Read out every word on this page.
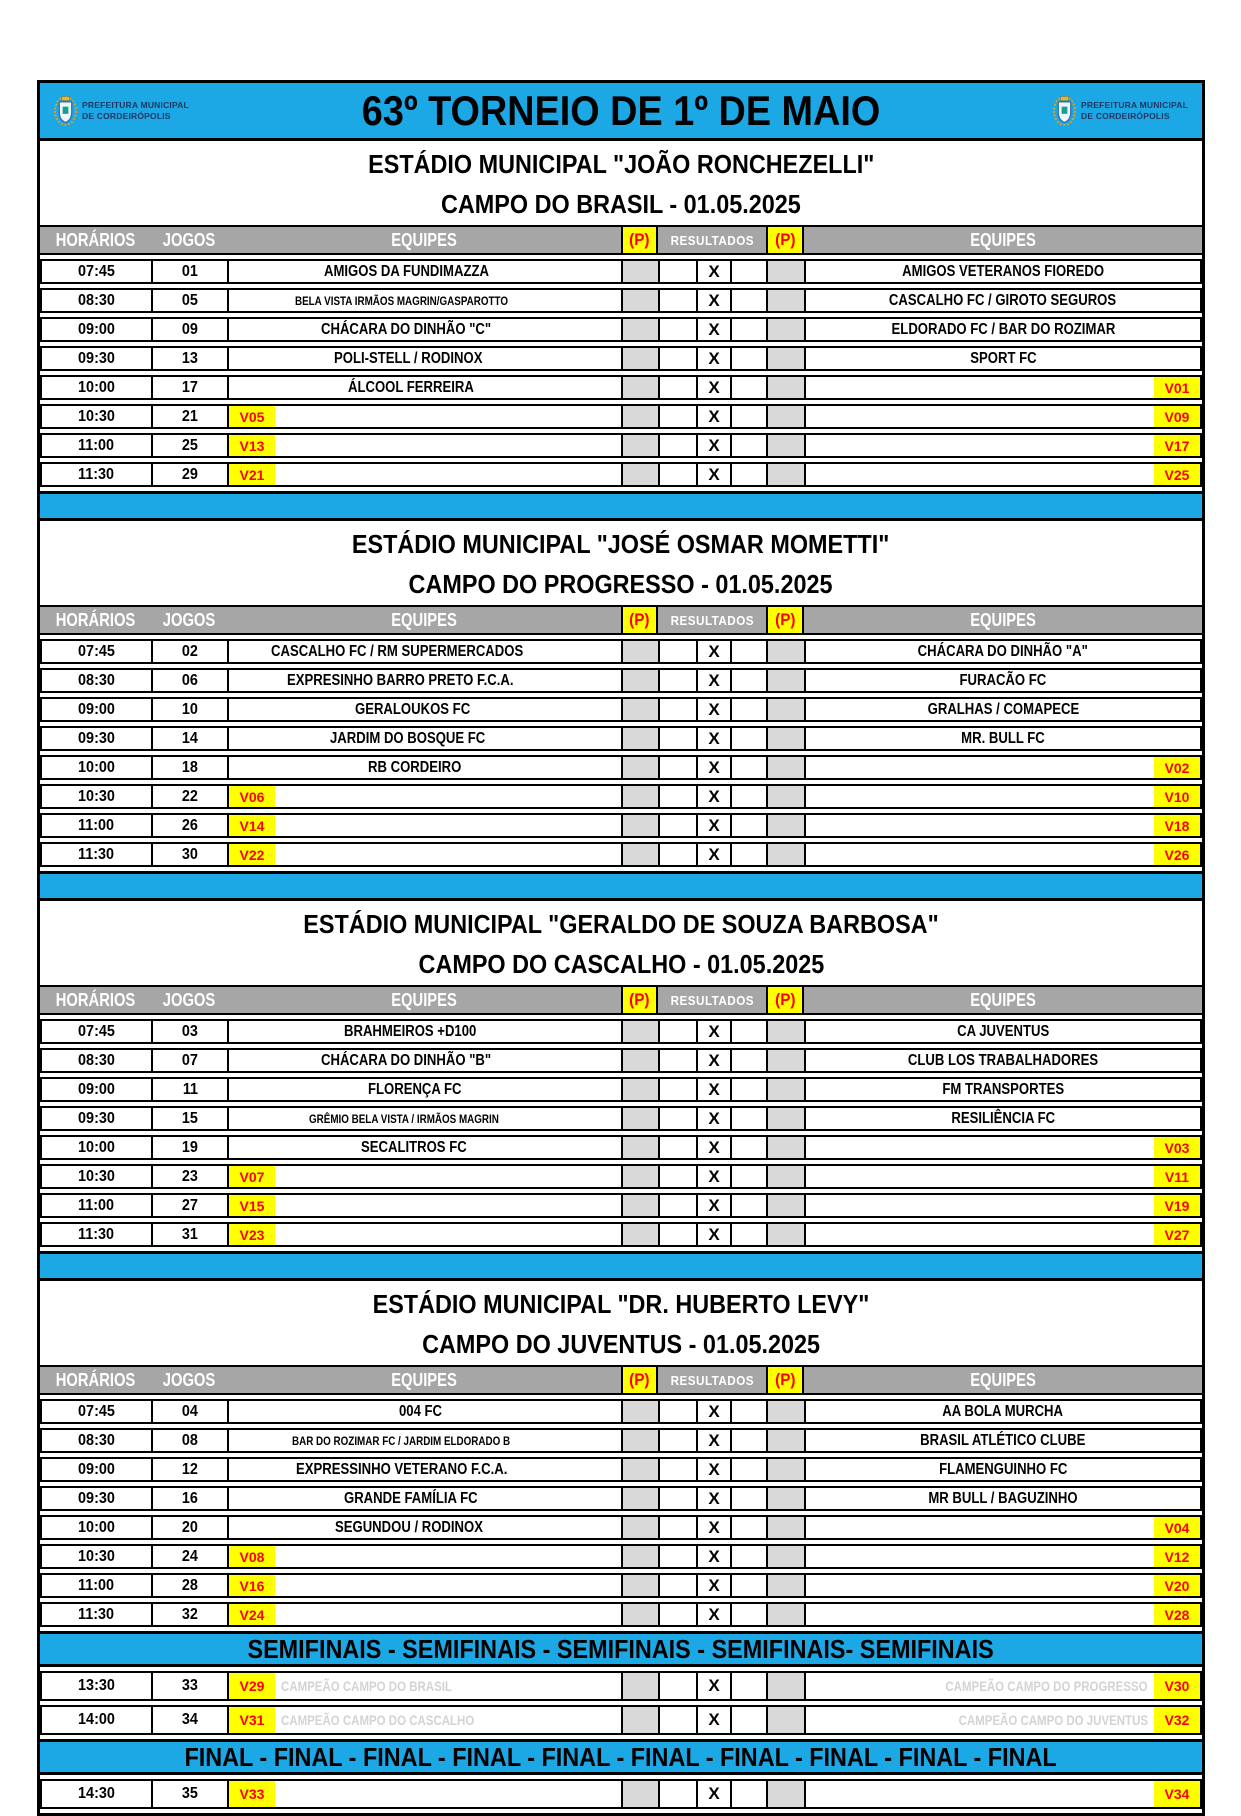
PREFEITURA MUNICIPAL
DE CORDEIRÓPOLIS	63º TORNEIO DE 1º DE MAIO	PREFEITURA MUNICIPAL
DE CORDEIRÓPOLIS
ESTÁDIO MUNICIPAL "JOÃO RONCHEZELLI"
CAMPO DO BRASIL - 01.05.2025
HORÁRIOS JOGOS	EQUIPES	(P) RESULTADOS (P)	EQUIPES
07:45	01	AMIGOS DA FUNDIMAZZA	X	AMIGOS VETERANOS FIOREDO
08:30	05	BELA VISTA IRMÃOS MAGRIN/GASPAROTTO	X	CASCALHO FC / GIROTO SEGUROS
09:00	09	CHÁCARA DO DINHÃO "C"	X	ELDORADO FC / BAR DO ROZIMAR
09:30	13	POLI-STELL / RODINOX	X	SPORT FC
10:00	17	ÁLCOOL FERREIRA	X	V01
10:30	21	V05	X	V09
11:00	25	V13	X	V17
11:30	29	V21	X	V25
ESTÁDIO MUNICIPAL "JOSÉ OSMAR MOMETTI"
CAMPO DO PROGRESSO - 01.05.2025
HORÁRIOS JOGOS	EQUIPES	(P) RESULTADOS (P)	EQUIPES
07:45	02	CASCALHO FC / RM SUPERMERCADOS	X	CHÁCARA DO DINHÃO "A"
08:30	06	EXPRESINHO BARRO PRETO F.C.A.	X	FURACÃO FC
09:00	10	GERALOUKOS FC	X	GRALHAS / COMAPECE
09:30	14	JARDIM DO BOSQUE FC	X	MR. BULL FC
10:00	18	RB CORDEIRO	X	V02
10:30	22	V06	X	V10
11:00	26	V14	X	V18
11:30	30	V22	X	V26
ESTÁDIO MUNICIPAL "GERALDO DE SOUZA BARBOSA"
CAMPO DO CASCALHO - 01.05.2025
HORÁRIOS JOGOS	EQUIPES	(P) RESULTADOS (P)	EQUIPES
07:45	03	BRAHMEIROS +D100	X	CA JUVENTUS
08:30	07	CHÁCARA DO DINHÃO "B"	X	CLUB LOS TRABALHADORES
09:00	11	FLORENÇA FC	X	FM TRANSPORTES
09:30	15	GRÊMIO BELA VISTA / IRMÃOS MAGRIN	X	RESILIÊNCIA FC
10:00	19	SECALITROS FC	X	V03
10:30	23	V07	X	V11
11:00	27	V15	X	V19
11:30	31	V23	X	V27
ESTÁDIO MUNICIPAL "DR. HUBERTO LEVY"
CAMPO DO JUVENTUS - 01.05.2025
HORÁRIOS JOGOS	EQUIPES	(P) RESULTADOS (P)	EQUIPES
07:45	04	004 FC	X	AA BOLA MURCHA
08:30	08	BAR DO ROZIMAR FC / JARDIM ELDORADO B	X	BRASIL ATLÉTICO CLUBE
09:00	12	EXPRESSINHO VETERANO F.C.A.	X	FLAMENGUINHO FC
09:30	16	GRANDE FAMÍLIA FC	X	MR BULL / BAGUZINHO
10:00	20	SEGUNDOU / RODINOX	X	V04
10:30	24	V08	X	V12
11:00	28	V16	X	V20
11:30	32	V24	X	V28
SEMIFINAIS - SEMIFINAIS - SEMIFINAIS - SEMIFINAIS- SEMIFINAIS
13:30	33	V29	CAMPEÃO CAMPO DO BRASIL	X	CAMPEÃO CAMPO DO PROGRESSO	V30
14:00	34	V31	CAMPEÃO CAMPO DO CASCALHO	X	CAMPEÃO CAMPO DO JUVENTUS	V32
FINAL - FINAL - FINAL - FINAL - FINAL - FINAL - FINAL - FINAL - FINAL - FINAL
14:30	35	V33	X	V34
